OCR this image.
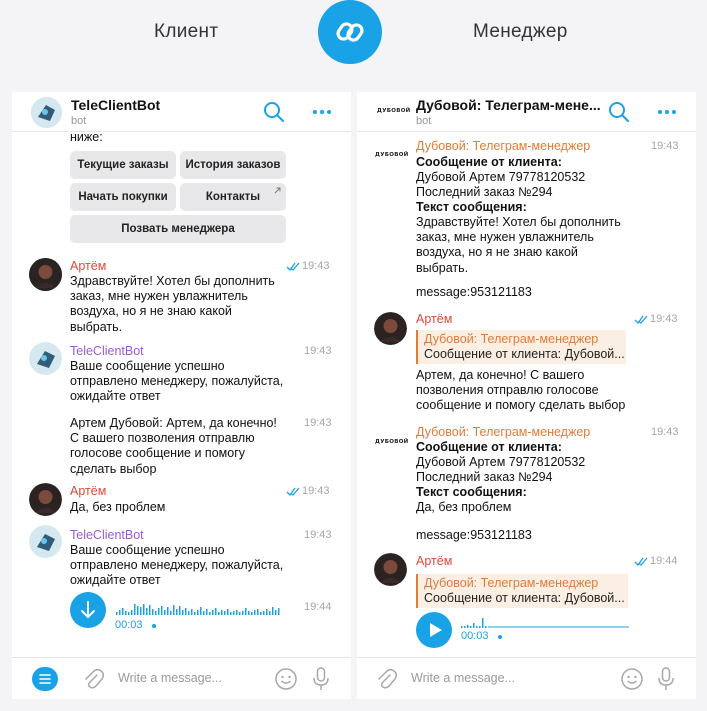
Клиент	Менеджер
TeleClientBot
bot
ниже:
Текущие заказы	История заказов
Начать покупки	Контакты
Позвать менеджера
Артём	19:43
Здравствуйте! Хотел бы дополнить
заказ, мне нужен увлажнитель
воздуха, но я не знаю какой
выбрать.
TeleClientBot	19:43
Ваше сообщение успешно
отправлено менеджеру, пожалуйста,
ожидайте ответ
19:43
Артем Дубовой: Артем, да конечно!
С вашего позволения отправлю
голосове сообщение и помогу
сделать выбор
Артём	19:43
Да, без проблем
TeleClientBot	19:43
Ваше сообщение успешно
отправлено менеджеру, пожалуйста,
ожидайте ответ
00:03
19:44
Write a message...
ДУБОВОЙ Дубовой: Телеграм-мене...
bot
ДУБОВОЙ
Дубовой: Телеграм-менеджер	19:43
Сообщение от клиента:
Дубовой Артем 79778120532
Последний заказ №294
Текст сообщения:
Здравствуйте! Хотел бы дополнить
заказ, мне нужен увлажнитель
воздуха, но я не знаю какой
выбрать.
message:953121183
Артём	19:43
Дубовой: Телеграм-менеджер
Сообщение от клиента: Дубовой...
Артем, да конечно! С вашего
позволения отправлю голосове
сообщение и помогу сделать выбор
ДУБОВОЙ
Дубовой: Телеграм-менеджер	19:43
Сообщение от клиента:
Дубовой Артем 79778120532
Последний заказ №294
Текст сообщения:
Да, без проблем
message:953121183
Артём	19:44
Дубовой: Телеграм-менеджер
Сообщение от клиента: Дубовой...
00:03
Write a message...
